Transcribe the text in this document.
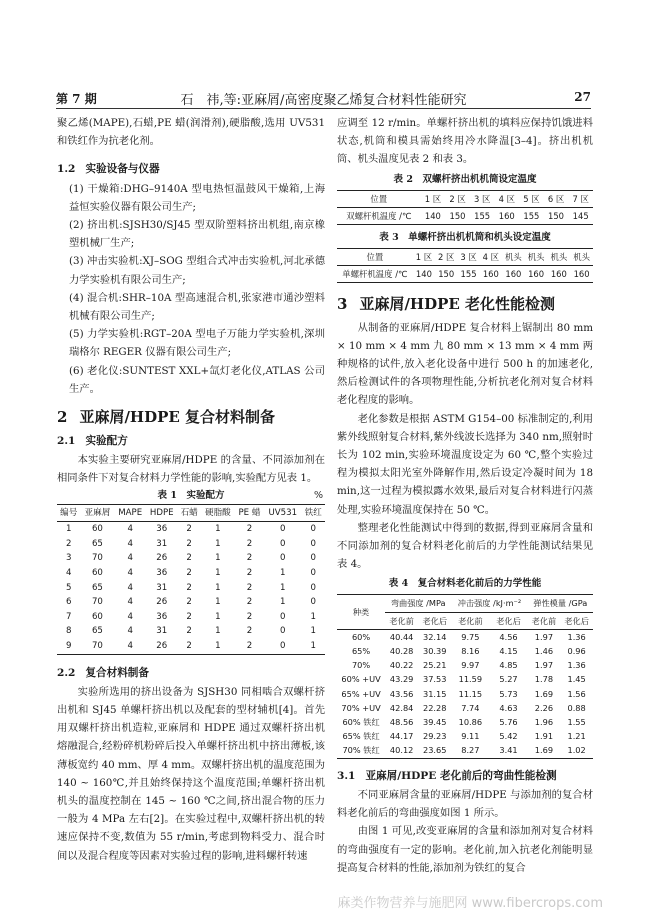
第 7 期	石　祎,等:亚麻屑/高密度聚乙烯复合材料性能研究	27

聚乙烯(MAPE),石蜡,PE 蜡(润滑剂),硬脂酸,选用 UV531 和铁红作为抗老化剂。

1.2 实验设备与仪器

(1) 干燥箱:DHG–9140A 型电热恒温鼓风干燥箱,上海益恒实验仪器有限公司生产;

(2) 挤出机:SJSH30/SJ45 型双阶塑料挤出机组,南京橡塑机械厂生产;

(3) 冲击实验机:XJ–SOG 型组合式冲击实验机,河北承德力学实验机有限公司生产;

(4) 混合机:SHR–10A 型高速混合机,张家港市通沙塑料机械有限公司生产;

(5) 力学实验机:RGT–20A 型电子万能力学实验机,深圳瑞格尔 REGER 仪器有限公司生产;

(6) 老化仪:SUNTEST XXL+氙灯老化仪,ATLAS 公司生产。

2 亚麻屑/HDPE 复合材料制备
2.1 实验配方

本实验主要研究亚麻屑/HDPE 的含量、不同添加剂在相同条件下对复合材料力学性能的影响,实验配方见表 1。

表 1　实验配方	%
编号	亚麻屑	MAPE	HDPE	石蜡	硬脂酸	PE 蜡	UV531	铁红
1	60	4	36	2	1	2	0	0
2	65	4	31	2	1	2	0	0
3	70	4	26	2	1	2	0	0
4	60	4	36	2	1	2	1	0
5	65	4	31	2	1	2	1	0
6	70	4	26	2	1	2	1	0
7	60	4	36	2	1	2	0	1
8	65	4	31	2	1	2	0	1
9	70	4	26	2	1	2	0	1
2.2 复合材料制备

实验所选用的挤出设备为 SJSH30 同相啮合双螺杆挤出机和 SJ45 单螺杆挤出机以及配套的型材辅机[4]。首先用双螺杆挤出机造粒,亚麻屑和 HDPE 通过双螺杆挤出机熔融混合,经粉碎机粉碎后投入单螺杆挤出机中挤出薄板,该薄板宽约 40 mm、厚 4 mm。双螺杆挤出机的温度范围为 140 ~ 160℃,并且始终保持这个温度范围;单螺杆挤出机机头的温度控制在 145 ~ 160 ℃之间,挤出混合物的压力一般为 4 MPa 左右[2]。在实验过程中,双螺杆挤出机的转速应保持不变,数值为 55 r/min,考虑到物料受力、混合时间以及混合程度等因素对实验过程的影响,进料螺杆转速

应调至 12 r/min。单螺杆挤出机的填料应保持饥饿进料状态,机筒和模具需始终用冷水降温[3–4]。挤出机机筒、机头温度见表 2 和表 3。

表 2　双螺杆挤出机机筒设定温度
位置	1 区	2 区	3 区	4 区	5 区	6 区	7 区
双螺杆机温度 /℃	140	150	155	160	155	150	145
表 3　单螺杆挤出机机筒和机头设定温度
位置	1 区	2 区	3 区	4 区	机头	机头	机头	机头
单螺杆机温度 /℃	140	150	155	160	160	160	160	160
3 亚麻屑/HDPE 老化性能检测

从制备的亚麻屑/HDPE 复合材料上锯制出 80 mm × 10 mm × 4 mm 九 80 mm × 13 mm × 4 mm 两种规格的试件,放入老化设备中进行 500 h 的加速老化,然后检测试件的各项物理性能,分析抗老化剂对复合材料老化程度的影响。

老化参数是根据 ASTM G154–00 标准制定的,利用紫外线照射复合材料,紫外线波长选择为 340 nm,照射时长为 102 min,实验环境温度设定为 60 ℃,整个实验过程为模拟太阳光室外降解作用,然后设定冷凝时间为 18 min,这一过程为模拟露水效果,最后对复合材料进行闪蒸处理,实验环境温度保持在 50 ℃。

整理老化性能测试中得到的数据,得到亚麻屑含量和不同添加剂的复合材料老化前后的力学性能测试结果见表 4。

表 4　复合材料老化前后的力学性能
种类	弯曲强度 /MPa		冲击强度 /kJ·m⁻²		弹性模量 /GPa	
	老化前	老化后	老化前	老化后	老化前	老化后
60%	40.44	32.14	9.75	4.56	1.97	1.36
65%	40.28	30.39	8.16	4.15	1.46	0.96
70%	40.22	25.21	9.97	4.85	1.97	1.36
60% +UV	43.29	37.53	11.59	5.27	1.78	1.45
65% +UV	43.56	31.15	11.15	5.73	1.69	1.56
70% +UV	42.84	22.28	7.74	4.63	2.26	0.88
60% 铁红	48.56	39.45	10.86	5.76	1.96	1.55
65% 铁红	44.17	29.23	9.11	5.42	1.91	1.21
70% 铁红	40.12	23.65	8.27	3.41	1.69	1.02
3.1 亚麻屑/HDPE 老化前后的弯曲性能检测

不同亚麻屑含量的亚麻屑/HDPE 与添加剂的复合材料老化前后的弯曲强度如图 1 所示。

由图 1 可见,改变亚麻屑的含量和添加剂对复合材料的弯曲强度有一定的影响。老化前,加入抗老化剂能明显提高复合材料的性能,添加剂为铁红的复合

麻类作物营养与施肥网 www.fibercrops.com
